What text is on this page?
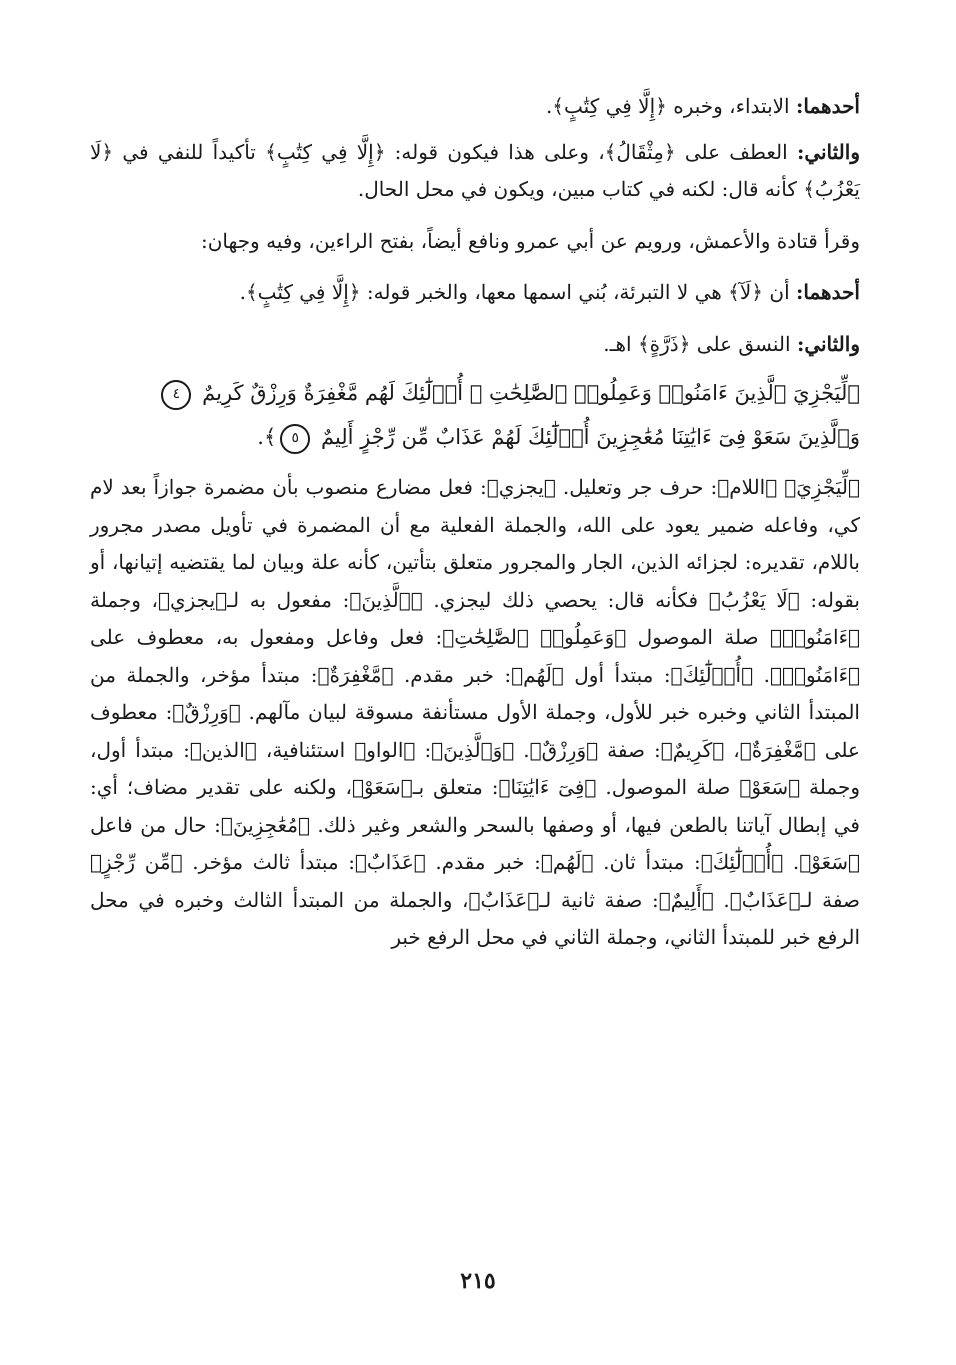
أحدهما: الابتداء، وخبره ﴿إِلَّا فِي كِتَٰبٍ﴾.

والثاني: العطف على ﴿مِثْقَالُ﴾، وعلى هذا فيكون قوله: ﴿إِلَّا فِي كِتَٰبٍ﴾ تأكيداً للنفي في ﴿لَا يَعْزُبُ﴾ كأنه قال: لكنه في كتاب مبين، ويكون في محل الحال.

وقرأ قتادة والأعمش، ورويم عن أبي عمرو ونافع أيضاً، بفتح الراءين، وفيه وجهان:

أحدهما: أن ﴿لَآ﴾ هي لا التبرئة، بُني اسمها معها، والخبر قوله: ﴿إِلَّا فِي كِتَٰبٍ﴾.

والثاني: النسق على ﴿ذَرَّةٍ﴾ اهـ.

﴿لِّيَجْزِيَ ٱلَّذِينَ ءَامَنُوا۟ وَعَمِلُوا۟ ٱلصَّٰلِحَٰتِ ۚ أُو۟لَٰٓئِكَ لَهُم مَّغْفِرَةٌ وَرِزْقٌ كَرِيمٌ ٤
وَٱلَّذِينَ سَعَوْ فِىٓ ءَايَٰتِنَا مُعَٰجِزِينَ أُو۟لَٰٓئِكَ لَهُمْ عَذَابٌ مِّن رِّجْزٍ أَلِيمٌ ٥﴾.

﴿لِّيَجْزِيَ﴾ ﴿اللام﴾: حرف جر وتعليل. ﴿يجزي﴾: فعل مضارع منصوب بأن مضمرة جوازاً بعد لام كي، وفاعله ضمير يعود على الله، والجملة الفعلية مع أن المضمرة في تأويل مصدر مجرور باللام، تقديره: لجزائه الذين، الجار والمجرور متعلق بتأتين، كأنه علة وبيان لما يقتضيه إتيانها، أو بقوله: ﴿لَا يَعْزُبُ﴾ فكأنه قال: يحصي ذلك ليجزي. ﴿ٱلَّذِينَ﴾: مفعول به لـ﴿يجزي﴾، وجملة ﴿ءَامَنُوا۟﴾ صلة الموصول ﴿وَعَمِلُوا۟ ٱلصَّٰلِحَٰتِ﴾: فعل وفاعل ومفعول به، معطوف على ﴿ءَامَنُوا۟﴾. ﴿أُو۟لَٰٓئِكَ﴾: مبتدأ أول ﴿لَهُم﴾: خبر مقدم. ﴿مَّغْفِرَةٌ﴾: مبتدأ مؤخر، والجملة من المبتدأ الثاني وخبره خبر للأول، وجملة الأول مستأنفة مسوقة لبيان مآلهم. ﴿وَرِزْقٌ﴾: معطوف على ﴿مَّغْفِرَةٌ﴾، ﴿كَرِيمٌ﴾: صفة ﴿وَرِزْقٌ﴾. ﴿وَٱلَّذِينَ﴾: ﴿الواو﴾ استئنافية، ﴿الذين﴾: مبتدأ أول، وجملة ﴿سَعَوْ﴾ صلة الموصول. ﴿فِىٓ ءَايَٰتِنَا﴾: متعلق بـ﴿سَعَوْ﴾، ولكنه على تقدير مضاف؛ أي: في إبطال آياتنا بالطعن فيها، أو وصفها بالسحر والشعر وغير ذلك. ﴿مُعَٰجِزِينَ﴾: حال من فاعل ﴿سَعَوْ﴾. ﴿أُو۟لَٰٓئِكَ﴾: مبتدأ ثان. ﴿لَهُم﴾: خبر مقدم. ﴿عَذَابٌ﴾: مبتدأ ثالث مؤخر. ﴿مِّن رِّجْزٍ﴾ صفة لـ﴿عَذَابٌ﴾. ﴿أَلِيمٌ﴾: صفة ثانية لـ﴿عَذَابٌ﴾، والجملة من المبتدأ الثالث وخبره في محل الرفع خبر للمبتدأ الثاني، وجملة الثاني في محل الرفع خبر

٢١٥
